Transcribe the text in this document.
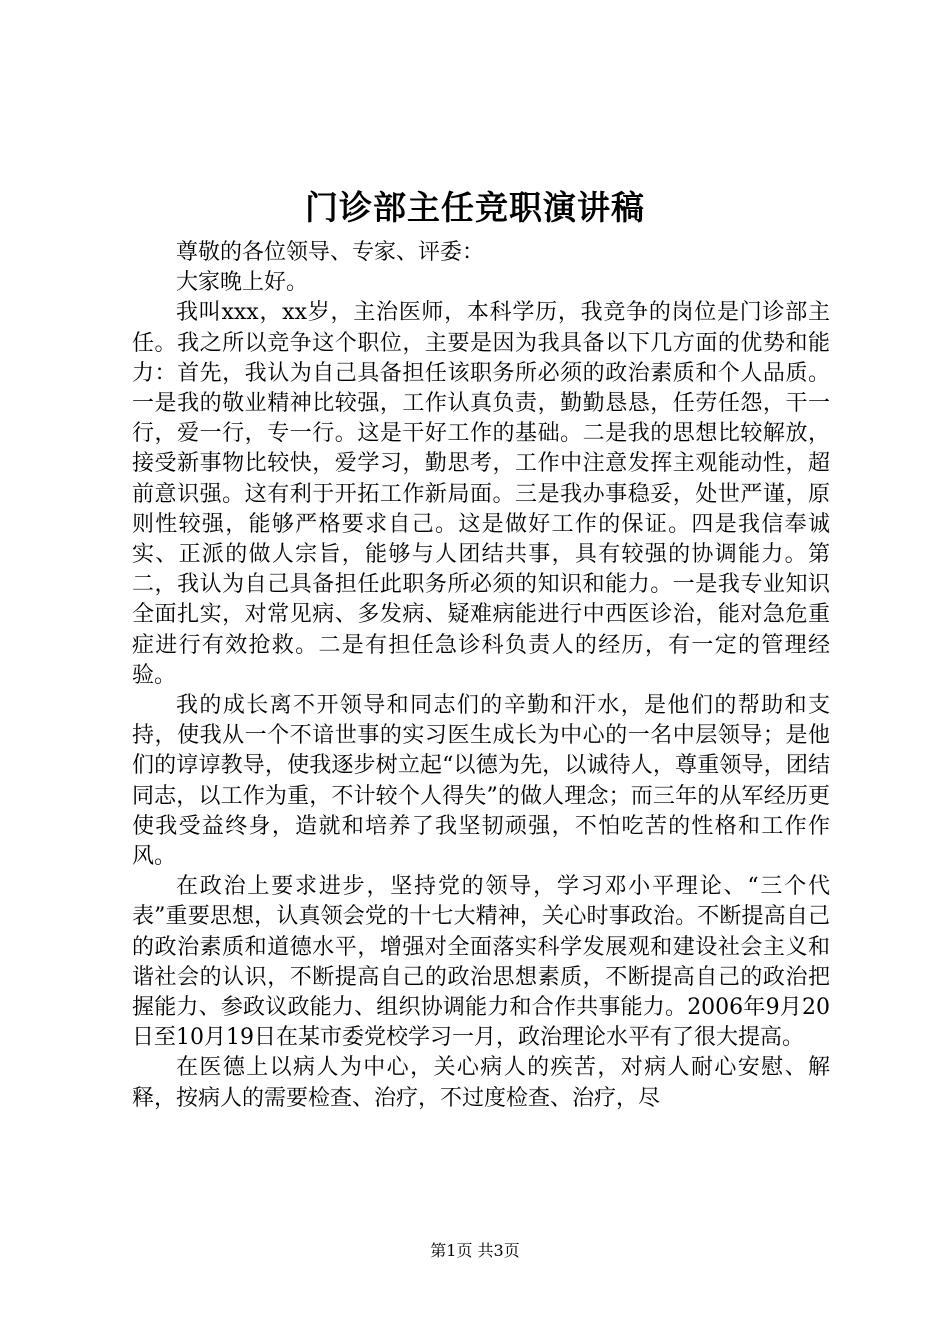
门诊部主任竞职演讲稿

尊敬的各位领导、专家、评委：

大家晚上好。

我叫xxx，xx岁，主治医师，本科学历，我竞争的岗位是门诊部主任。我之所以竞争这个职位，主要是因为我具备以下几方面的优势和能力：首先，我认为自己具备担任该职务所必须的政治素质和个人品质。一是我的敬业精神比较强，工作认真负责，勤勤恳恳，任劳任怨，干一行，爱一行，专一行。这是干好工作的基础。二是我的思想比较解放，接受新事物比较快，爱学习，勤思考，工作中注意发挥主观能动性，超前意识强。这有利于开拓工作新局面。三是我办事稳妥，处世严谨，原则性较强，能够严格要求自己。这是做好工作的保证。四是我信奉诚实、正派的做人宗旨，能够与人团结共事，具有较强的协调能力。第二，我认为自己具备担任此职务所必须的知识和能力。一是我专业知识全面扎实，对常见病、多发病、疑难病能进行中西医诊治，能对急危重症进行有效抢救。二是有担任急诊科负责人的经历，有一定的管理经验。

我的成长离不开领导和同志们的辛勤和汗水，是他们的帮助和支持，使我从一个不谙世事的实习医生成长为中心的一名中层领导；是他们的谆谆教导，使我逐步树立起“以德为先，以诚待人，尊重领导，团结同志，以工作为重，不计较个人得失”的做人理念；而三年的从军经历更使我受益终身，造就和培养了我坚韧顽强，不怕吃苦的性格和工作作风。

在政治上要求进步，坚持党的领导，学习邓小平理论、“三个代表”重要思想，认真领会党的十七大精神，关心时事政治。不断提高自己的政治素质和道德水平，增强对全面落实科学发展观和建设社会主义和谐社会的认识，不断提高自己的政治思想素质，不断提高自己的政治把握能力、参政议政能力、组织协调能力和合作共事能力。2006年9月20日至10月19日在某市委党校学习一月，政治理论水平有了很大提高。

在医德上以病人为中心，关心病人的疾苦，对病人耐心安慰、解释，按病人的需要检查、治疗，不过度检查、治疗，尽

第1页 共3页
